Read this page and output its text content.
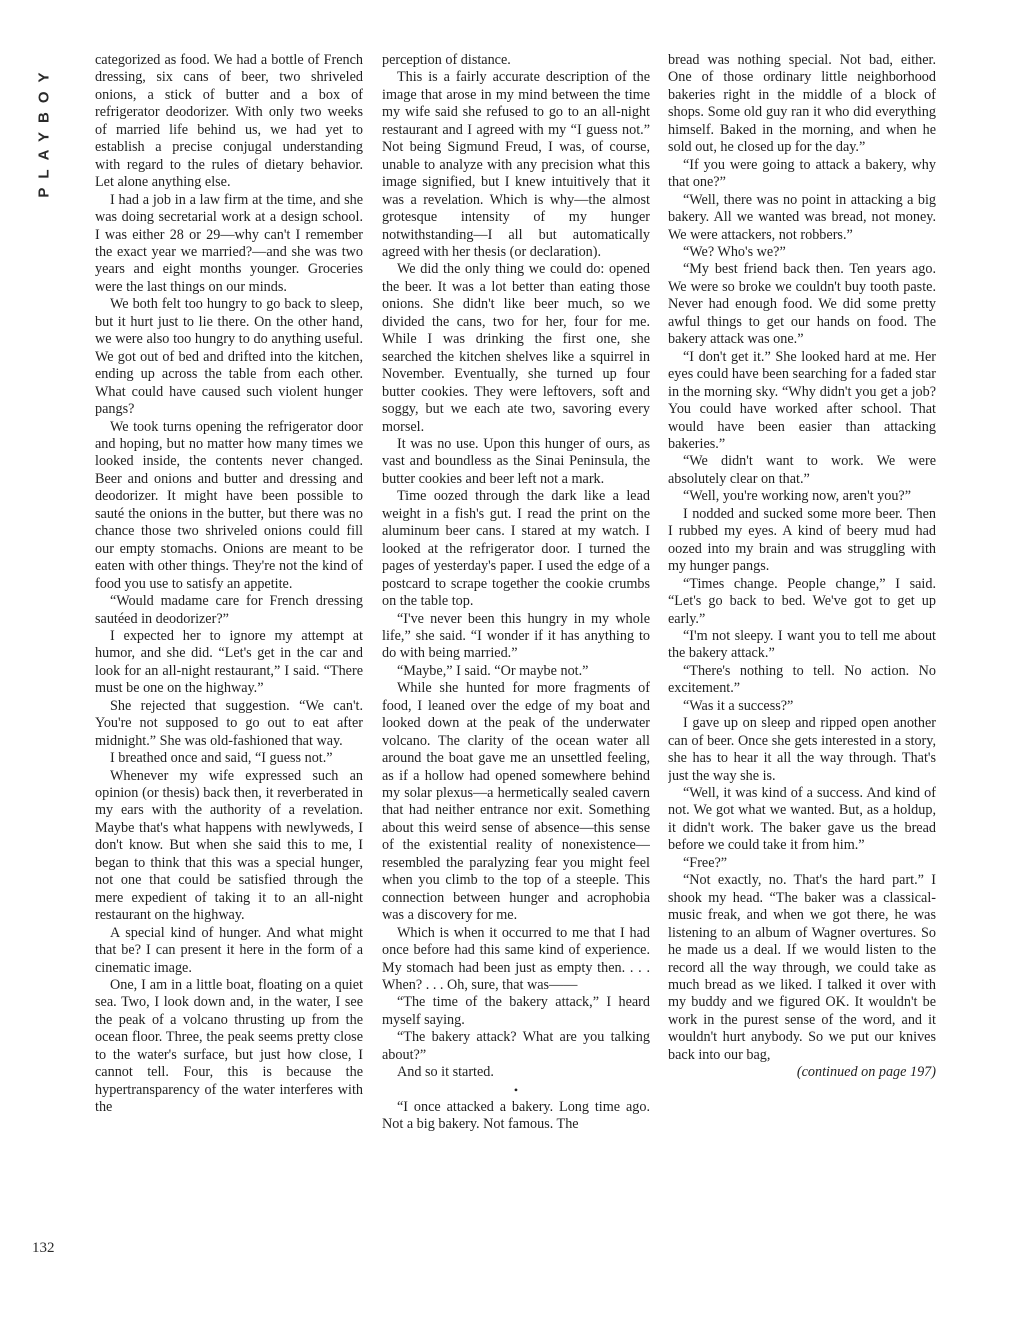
PLAYBOY
132

categorized as food. We had a bottle of French dressing, six cans of beer, two shriveled onions, a stick of butter and a box of refrigerator deodorizer. With only two weeks of married life behind us, we had yet to establish a precise conjugal understanding with regard to the rules of dietary behavior. Let alone anything else.

I had a job in a law firm at the time, and she was doing secretarial work at a design school. I was either 28 or 29—why can't I remember the exact year we married?—and she was two years and eight months younger. Groceries were the last things on our minds.

We both felt too hungry to go back to sleep, but it hurt just to lie there. On the other hand, we were also too hungry to do anything useful. We got out of bed and drifted into the kitchen, ending up across the table from each other. What could have caused such violent hunger pangs?

We took turns opening the refrigerator door and hoping, but no matter how many times we looked inside, the contents never changed. Beer and onions and butter and dressing and deodorizer. It might have been possible to sauté the onions in the butter, but there was no chance those two shriveled onions could fill our empty stomachs. Onions are meant to be eaten with other things. They're not the kind of food you use to satisfy an appetite.

“Would madame care for French dressing sautéed in deodorizer?”

I expected her to ignore my attempt at humor, and she did. “Let's get in the car and look for an all-night restaurant,” I said. “There must be one on the highway.”

She rejected that suggestion. “We can't. You're not supposed to go out to eat after midnight.” She was old-fashioned that way.

I breathed once and said, “I guess not.”

Whenever my wife expressed such an opinion (or thesis) back then, it reverberated in my ears with the authority of a revelation. Maybe that's what happens with newlyweds, I don't know. But when she said this to me, I began to think that this was a special hunger, not one that could be satisfied through the mere expedient of taking it to an all-night restaurant on the highway.

A special kind of hunger. And what might that be? I can present it here in the form of a cinematic image.

One, I am in a little boat, floating on a quiet sea. Two, I look down and, in the water, I see the peak of a volcano thrusting up from the ocean floor. Three, the peak seems pretty close to the water's surface, but just how close, I cannot tell. Four, this is because the hypertransparency of the water interferes with the

perception of distance.

This is a fairly accurate description of the image that arose in my mind between the time my wife said she refused to go to an all-night restaurant and I agreed with my “I guess not.” Not being Sigmund Freud, I was, of course, unable to analyze with any precision what this image signified, but I knew intuitively that it was a revelation. Which is why—the almost grotesque intensity of my hunger notwithstanding—I all but automatically agreed with her thesis (or declaration).

We did the only thing we could do: opened the beer. It was a lot better than eating those onions. She didn't like beer much, so we divided the cans, two for her, four for me. While I was drinking the first one, she searched the kitchen shelves like a squirrel in November. Eventually, she turned up four butter cookies. They were leftovers, soft and soggy, but we each ate two, savoring every morsel.

It was no use. Upon this hunger of ours, as vast and boundless as the Sinai Peninsula, the butter cookies and beer left not a mark.

Time oozed through the dark like a lead weight in a fish's gut. I read the print on the aluminum beer cans. I stared at my watch. I looked at the refrigerator door. I turned the pages of yesterday's paper. I used the edge of a postcard to scrape together the cookie crumbs on the table top.

“I've never been this hungry in my whole life,” she said. “I wonder if it has anything to do with being married.”

“Maybe,” I said. “Or maybe not.”

While she hunted for more fragments of food, I leaned over the edge of my boat and looked down at the peak of the underwater volcano. The clarity of the ocean water all around the boat gave me an unsettled feeling, as if a hollow had opened somewhere behind my solar plexus—a hermetically sealed cavern that had neither entrance nor exit. Something about this weird sense of absence—this sense of the existential reality of nonexistence—resembled the paralyzing fear you might feel when you climb to the top of a steeple. This connection between hunger and acrophobia was a discovery for me.

Which is when it occurred to me that I had once before had this same kind of experience. My stomach had been just as empty then. . . . When? . . . Oh, sure, that was——

“The time of the bakery attack,” I heard myself saying.

“The bakery attack? What are you talking about?”

And so it started.

•

“I once attacked a bakery. Long time ago. Not a big bakery. Not famous. The

bread was nothing special. Not bad, either. One of those ordinary little neighborhood bakeries right in the middle of a block of shops. Some old guy ran it who did everything himself. Baked in the morning, and when he sold out, he closed up for the day.”

“If you were going to attack a bakery, why that one?”

“Well, there was no point in attacking a big bakery. All we wanted was bread, not money. We were attackers, not robbers.”

“We? Who's we?”

“My best friend back then. Ten years ago. We were so broke we couldn't buy tooth paste. Never had enough food. We did some pretty awful things to get our hands on food. The bakery attack was one.”

“I don't get it.” She looked hard at me. Her eyes could have been searching for a faded star in the morning sky. “Why didn't you get a job? You could have worked after school. That would have been easier than attacking bakeries.”

“We didn't want to work. We were absolutely clear on that.”

“Well, you're working now, aren't you?”

I nodded and sucked some more beer. Then I rubbed my eyes. A kind of beery mud had oozed into my brain and was struggling with my hunger pangs.

“Times change. People change,” I said. “Let's go back to bed. We've got to get up early.”

“I'm not sleepy. I want you to tell me about the bakery attack.”

“There's nothing to tell. No action. No excitement.”

“Was it a success?”

I gave up on sleep and ripped open another can of beer. Once she gets interested in a story, she has to hear it all the way through. That's just the way she is.

“Well, it was kind of a success. And kind of not. We got what we wanted. But, as a holdup, it didn't work. The baker gave us the bread before we could take it from him.”

“Free?”

“Not exactly, no. That's the hard part.” I shook my head. “The baker was a classical-music freak, and when we got there, he was listening to an album of Wagner overtures. So he made us a deal. If we would listen to the record all the way through, we could take as much bread as we liked. I talked it over with my buddy and we figured OK. It wouldn't be work in the purest sense of the word, and it wouldn't hurt anybody. So we put our knives back into our bag,

(continued on page 197)
